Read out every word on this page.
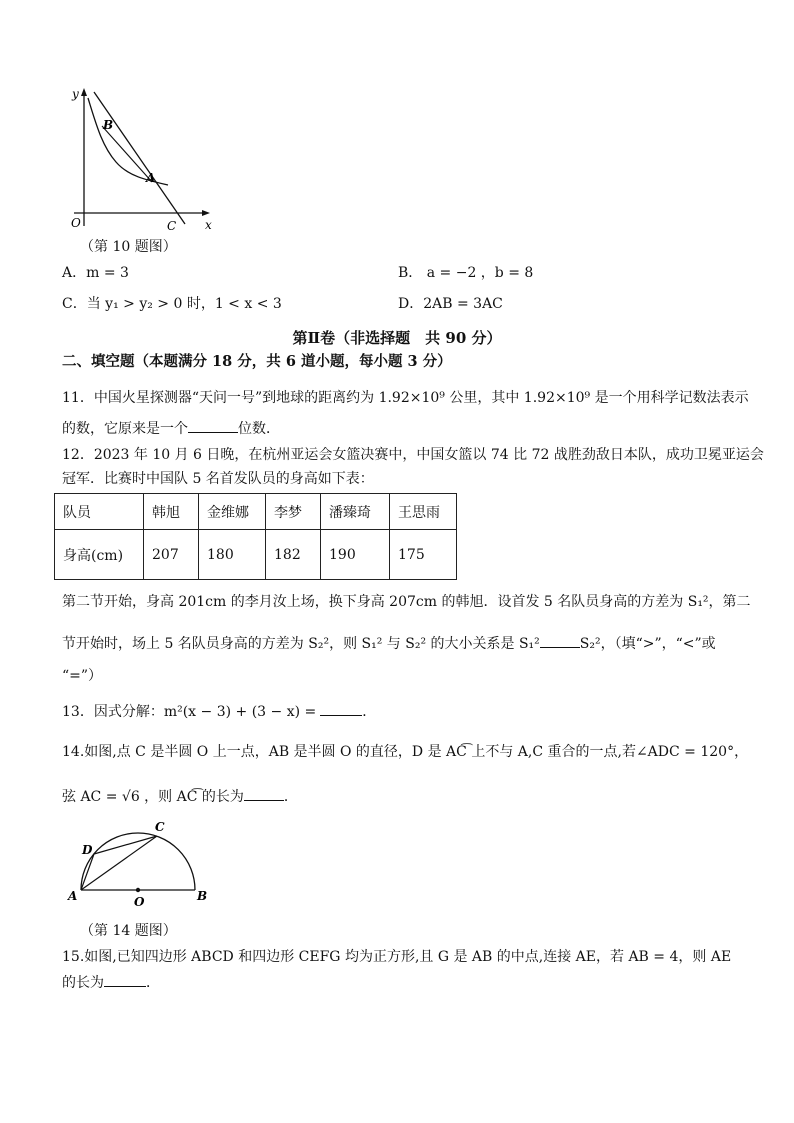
y
x
O
B
A
C
（第 10 题图）
A．m = 3	B． a = −2 ，b = 8
C．当 y₁ > y₂ > 0 时，1 < x < 3	D．2AB = 3AC
第Ⅱ卷（非选择题　共 90 分）
二、填空题（本题满分 18 分，共 6 道小题，每小题 3 分）
11．中国火星探测器“天问一号”到地球的距离约为 1.92×10⁹ 公里，其中 1.92×10⁹ 是一个用科学记数法表示
的数，它原来是一个	位数．
12．2023 年 10 月 6 日晚，在杭州亚运会女篮决赛中，中国女篮以 74 比 72 战胜劲敌日本队，成功卫冕亚运会
冠军．比赛时中国队 5 名首发队员的身高如下表：
队员	韩旭	金维娜	李梦	潘臻琦	王思雨
身高(cm)	207	180	182	190	175
第二节开始，身高 201cm 的李月汝上场，换下身高 207cm 的韩旭．设首发 5 名队员身高的方差为 S₁²，第二
节开始时，场上 5 名队员身高的方差为 S₂²，则 S₁² 与 S₂² 的大小关系是 S₁²	S₂²，（填“>”，“<”或
“=”）
13．因式分解：m²(x − 3) + (3 − x) =	．
14.如图,点 C 是半圆 O 上一点，AB 是半圆 O 的直径，D 是 AC͡ 上不与 A,C 重合的一点,若∠ADC = 120°，
弦 AC = √6 ，则 AC͡ 的长为	．
C
D
A	O	B
（第 14 题图）
15.如图,已知四边形 ABCD 和四边形 CEFG 均为正方形,且 G 是 AB 的中点,连接 AE，若 AB = 4，则 AE
的长为	．
